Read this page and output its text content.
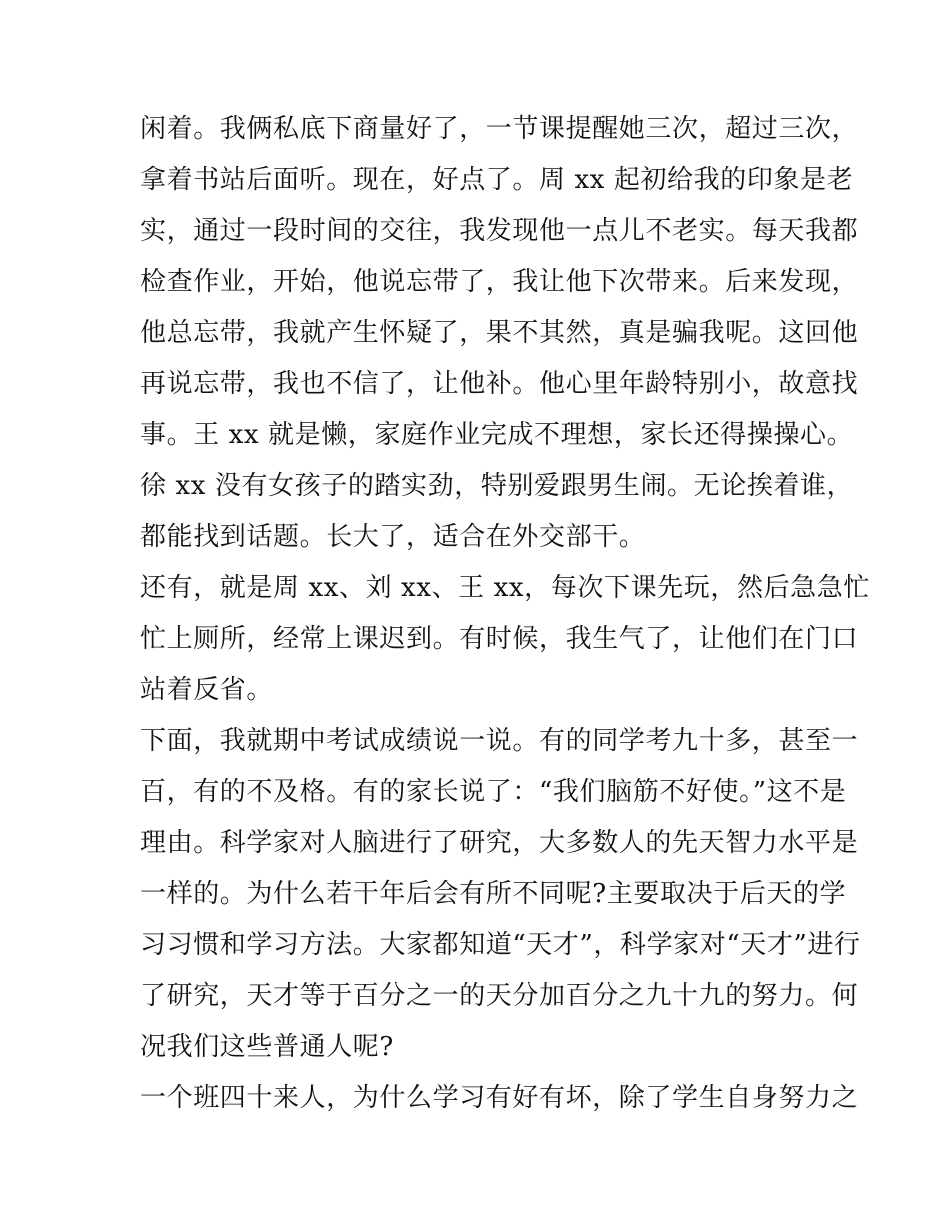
闲着。我俩私底下商量好了，一节课提醒她三次，超过三次，
拿着书站后面听。现在，好点了。周 xx 起初给我的印象是老
实，通过一段时间的交往，我发现他一点儿不老实。每天我都
检查作业，开始，他说忘带了，我让他下次带来。后来发现，
他总忘带，我就产生怀疑了，果不其然，真是骗我呢。这回他
再说忘带，我也不信了，让他补。他心里年龄特别小，故意找
事。王 xx 就是懒，家庭作业完成不理想，家长还得操操心。
徐 xx 没有女孩子的踏实劲，特别爱跟男生闹。无论挨着谁，
都能找到话题。长大了，适合在外交部干。
还有，就是周 xx、刘 xx、王 xx，每次下课先玩，然后急急忙
忙上厕所，经常上课迟到。有时候，我生气了，让他们在门口
站着反省。
下面，我就期中考试成绩说一说。有的同学考九十多，甚至一
百，有的不及格。有的家长说了：“我们脑筋不好使。”这不是
理由。科学家对人脑进行了研究，大多数人的先天智力水平是
一样的。为什么若干年后会有所不同呢?主要取决于后天的学
习习惯和学习方法。大家都知道“天才”，科学家对“天才”进行
了研究，天才等于百分之一的天分加百分之九十九的努力。何
况我们这些普通人呢?
一个班四十来人，为什么学习有好有坏，除了学生自身努力之
